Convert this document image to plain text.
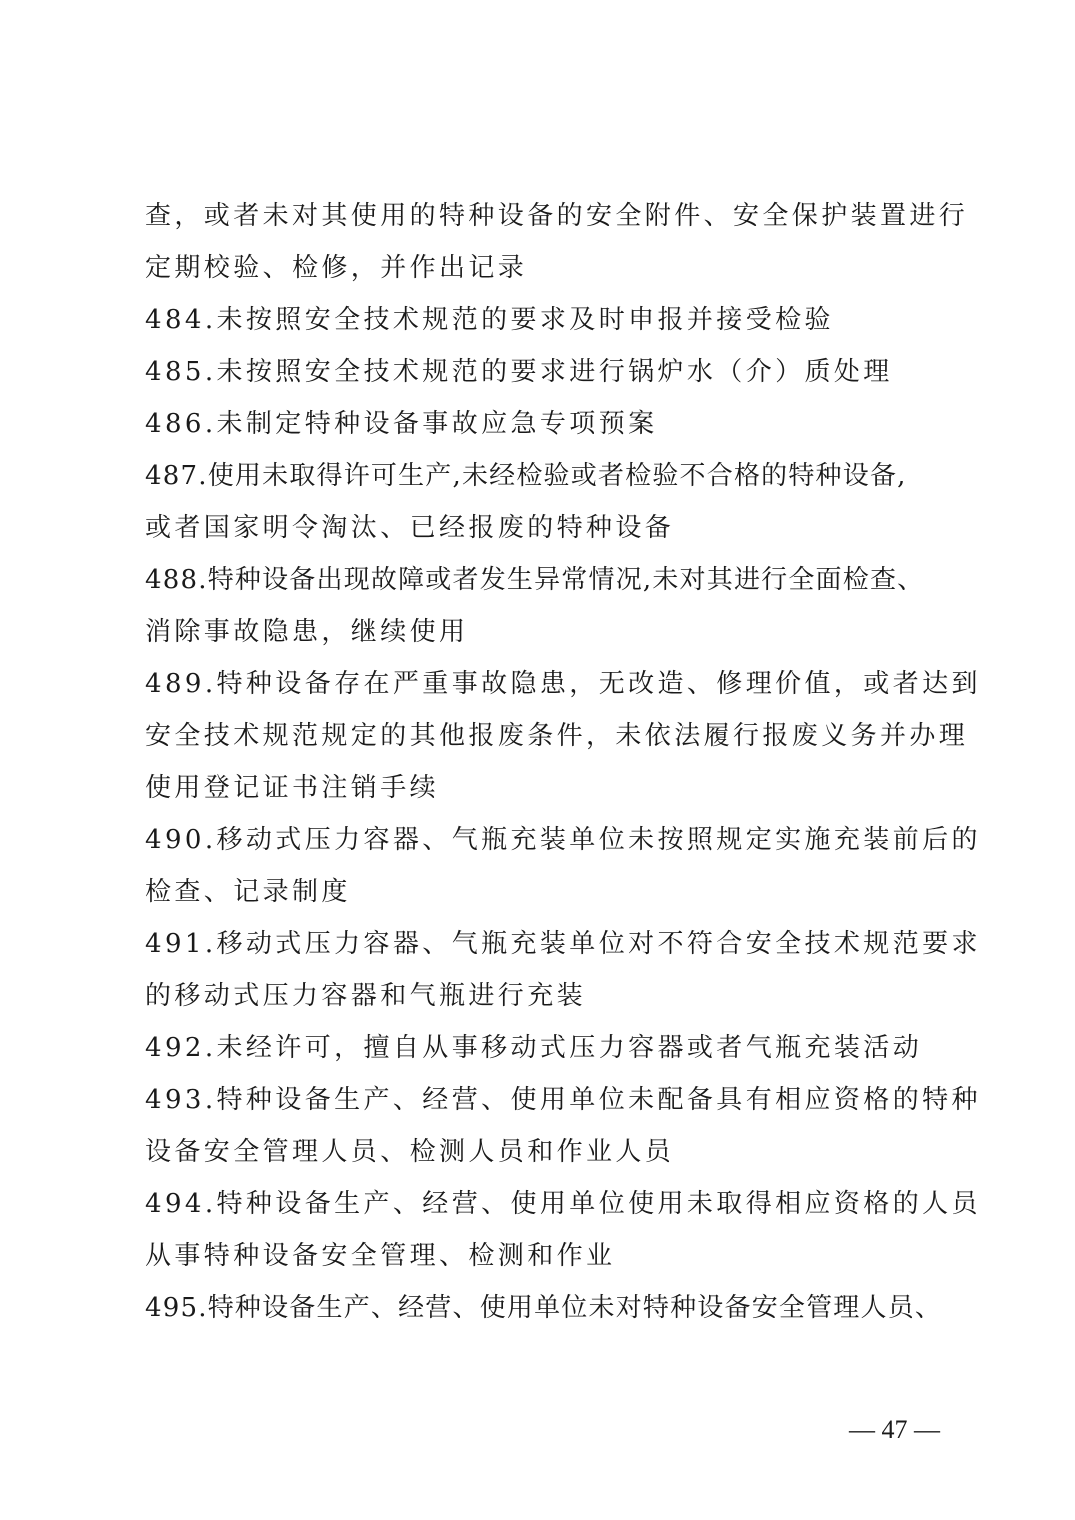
查，或者未对其使用的特种设备的安全附件、安全保护装置进行
定期校验、检修，并作出记录
484.未按照安全技术规范的要求及时申报并接受检验
485.未按照安全技术规范的要求进行锅炉水（介）质处理
486.未制定特种设备事故应急专项预案
487.使用未取得许可生产,未经检验或者检验不合格的特种设备,
或者国家明令淘汰、已经报废的特种设备
488.特种设备出现故障或者发生异常情况,未对其进行全面检查、
消除事故隐患，继续使用
489.特种设备存在严重事故隐患，无改造、修理价值，或者达到
安全技术规范规定的其他报废条件，未依法履行报废义务并办理
使用登记证书注销手续
490.移动式压力容器、气瓶充装单位未按照规定实施充装前后的
检查、记录制度
491.移动式压力容器、气瓶充装单位对不符合安全技术规范要求
的移动式压力容器和气瓶进行充装
492.未经许可，擅自从事移动式压力容器或者气瓶充装活动
493.特种设备生产、经营、使用单位未配备具有相应资格的特种
设备安全管理人员、检测人员和作业人员
494.特种设备生产、经营、使用单位使用未取得相应资格的人员
从事特种设备安全管理、检测和作业
495.特种设备生产、经营、使用单位未对特种设备安全管理人员、
— 47 —
